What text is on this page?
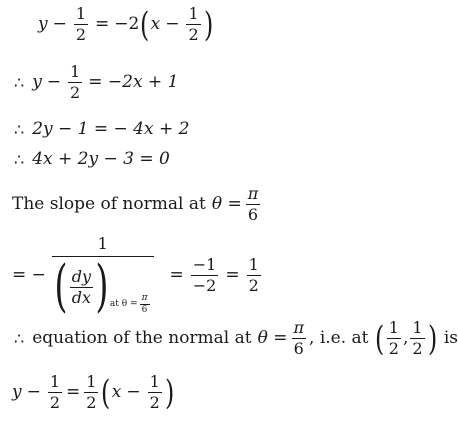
$y - \frac{1}{2} = -2$ ( $x - \frac{1}{2}$ )
∴ $y - \frac{1}{2} = -2x + 1$
∴ 2y − 1 = − 4x + 2
∴ 4x + 2y − 3 = 0
The slope of normal at $\theta = \frac{\pi}{6}$
= −
1
( $\frac{dy}{dx}$ ) at $\theta = \frac{\pi}{6}$
= $\frac{-1}{-2} = \frac{1}{2}$
∴ equation of the normal at $\theta = \frac{\pi}{6}$ , i.e. at ( $\frac{1}{2}$ , $\frac{1}{2}$ ) is
$y - \frac{1}{2} = \frac{1}{2}$ ( $x - \frac{1}{2}$ )
